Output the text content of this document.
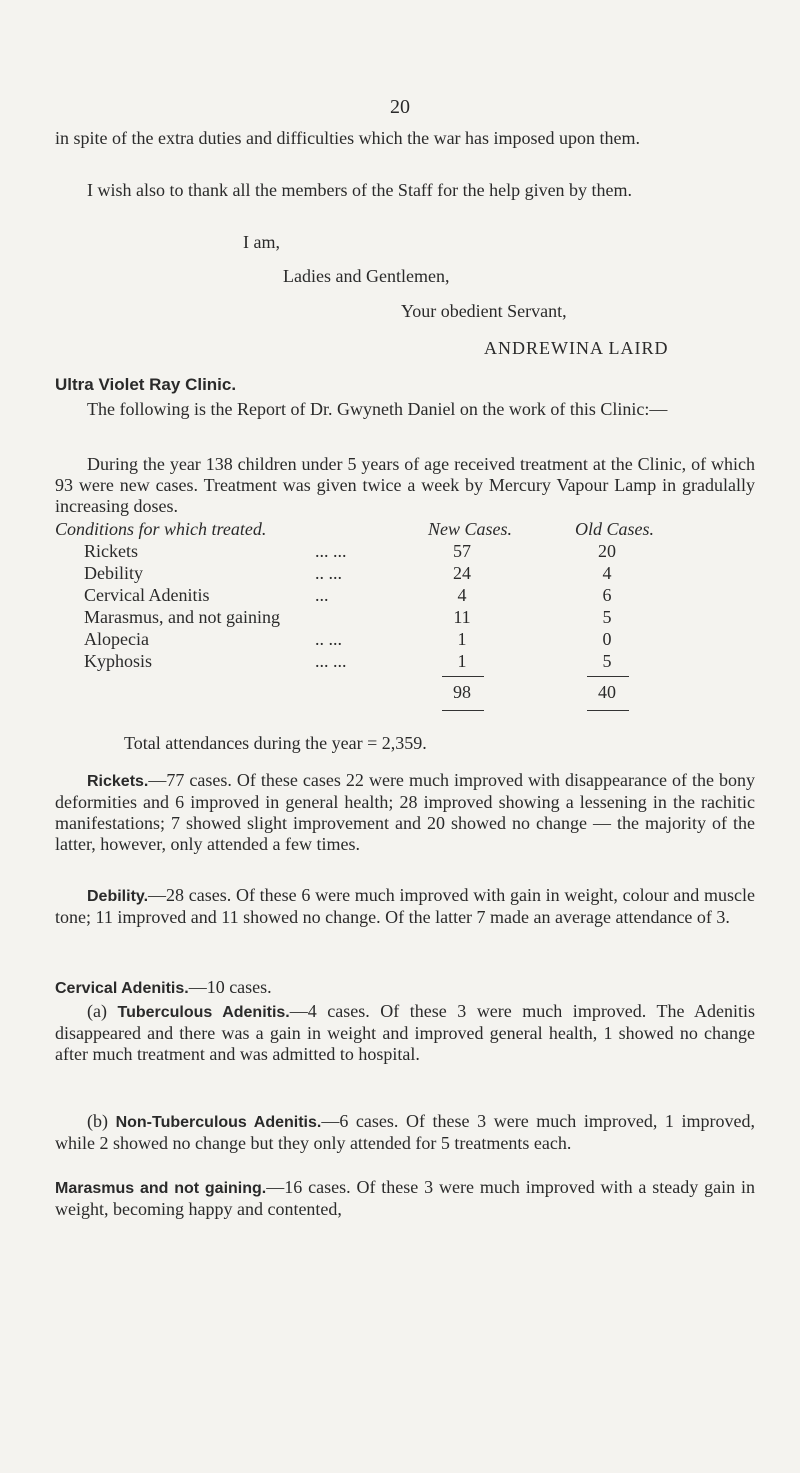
20

in spite of the extra duties and difficulties which the war has imposed upon them.

I wish also to thank all the members of the Staff for the help given by them.

I am,
Ladies and Gentlemen,
Your obedient Servant,
ANDREWINA LAIRD
Ultra Violet Ray Clinic.

The following is the Report of Dr. Gwyneth Daniel on the work of this Clinic:—

During the year 138 children under 5 years of age received treatment at the Clinic, of which 93 were new cases. Treatment was given twice a week by Mercury Vapour Lamp in gradulally increasing doses.

Conditions for which treated.	New Cases.	Old Cases.
Rickets	... ...	57	20
Debility	.. ...	24	4
Cervical Adenitis	...	4	6
Marasmus, and not gaining	11	5
Alopecia	.. ...	1	0
Kyphosis	... ...	1	5
98	40
Total attendances during the year = 2,359.

Rickets.—77 cases. Of these cases 22 were much improved with disappearance of the bony deformities and 6 improved in general health; 28 improved showing a lessening in the rachitic manifestations; 7 showed slight improvement and 20 showed no change — the majority of the latter, however, only attended a few times.

Debility.—28 cases. Of these 6 were much improved with gain in weight, colour and muscle tone; 11 improved and 11 showed no change. Of the latter 7 made an average attendance of 3.

Cervical Adenitis.—10 cases.

(a) Tuberculous Adenitis.—4 cases. Of these 3 were much improved. The Adenitis disappeared and there was a gain in weight and improved general health, 1 showed no change after much treatment and was admitted to hospital.

(b) Non-Tuberculous Adenitis.—6 cases. Of these 3 were much improved, 1 improved, while 2 showed no change but they only attended for 5 treatments each.

Marasmus and not gaining.—16 cases. Of these 3 were much improved with a steady gain in weight, becoming happy and contented,
